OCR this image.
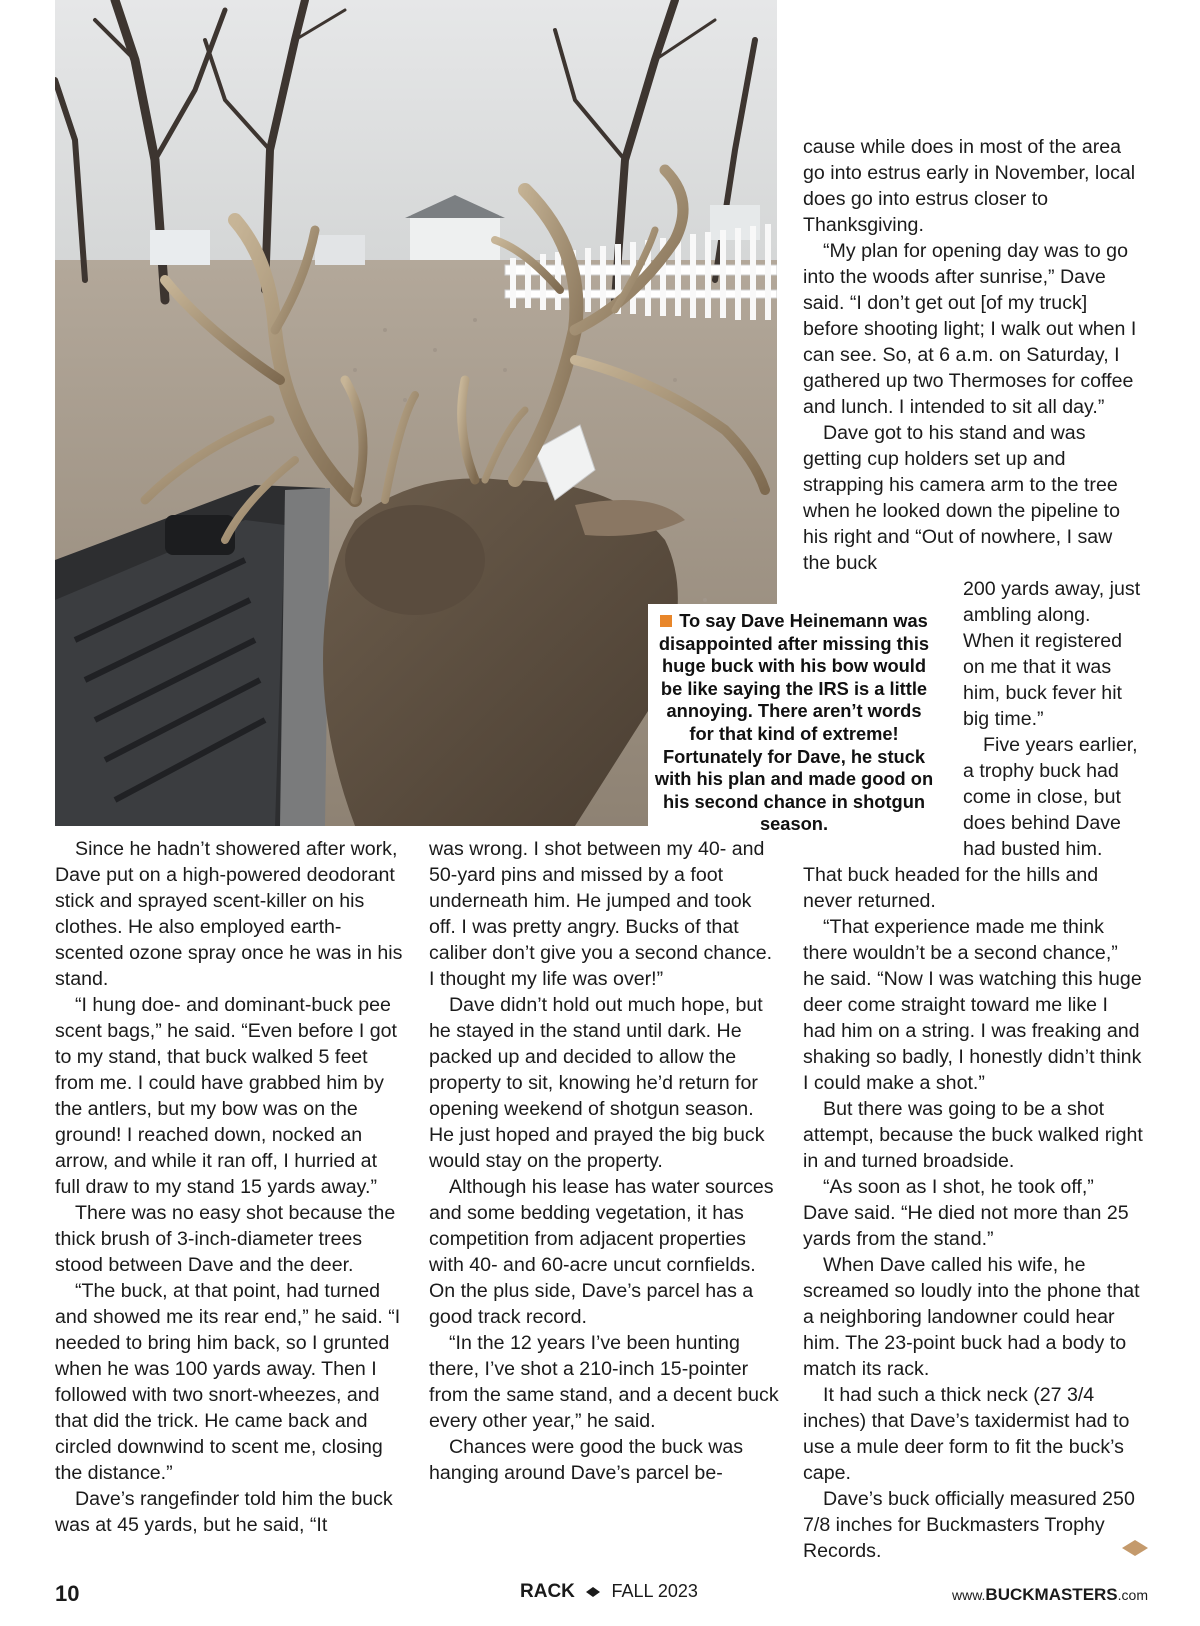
To say Dave Heinemann was disappointed after missing this huge buck with his bow would be like saying the IRS is a little annoying. There aren’t words for that kind of extreme! Fortunately for Dave, he stuck with his plan and made good on his second chance in shotgun season.

cause while does in most of the area go into estrus early in November, local does go into estrus closer to Thanksgiving.

“My plan for opening day was to go into the woods after sunrise,” Dave said. “I don’t get out [of my truck] before shooting light; I walk out when I can see. So, at 6 a.m. on Saturday, I gathered up two Thermoses for coffee and lunch. I intended to sit all day.”

Dave got to his stand and was getting cup holders set up and strapping his camera arm to the tree when he looked down the pipeline to his right and “Out of nowhere, I saw the buck

200 yards away, just ambling along. When it registered on me that it was him, buck fever hit big time.”

Five years earlier, a trophy buck had come in close, but does behind Dave had busted him.

That buck headed for the hills and never returned.

“That experience made me think there wouldn’t be a second chance,” he said. “Now I was watching this huge deer come straight toward me like I had him on a string. I was freaking and shaking so badly, I honestly didn’t think I could make a shot.”

But there was going to be a shot attempt, because the buck walked right in and turned broadside.

“As soon as I shot, he took off,” Dave said. “He died not more than 25 yards from the stand.”

When Dave called his wife, he screamed so loudly into the phone that a neighboring landowner could hear him. The 23-point buck had a body to match its rack.

It had such a thick neck (27 3/4 inches) that Dave’s taxidermist had to use a mule deer form to fit the buck’s cape.

Dave’s buck officially measured 250 7/8 inches for Buckmasters Trophy Records.

Since he hadn’t showered after work, Dave put on a high-powered deodorant stick and sprayed scent-killer on his clothes. He also employed earth-scented ozone spray once he was in his stand.

“I hung doe- and dominant-buck pee scent bags,” he said. “Even before I got to my stand, that buck walked 5 feet from me. I could have grabbed him by the antlers, but my bow was on the ground! I reached down, nocked an arrow, and while it ran off, I hurried at full draw to my stand 15 yards away.”

There was no easy shot because the thick brush of 3-inch-diameter trees stood between Dave and the deer.

“The buck, at that point, had turned and showed me its rear end,” he said. “I needed to bring him back, so I grunted when he was 100 yards away. Then I followed with two snort-wheezes, and that did the trick. He came back and circled downwind to scent me, closing the distance.”

Dave’s rangefinder told him the buck was at 45 yards, but he said, “It

was wrong. I shot between my 40- and 50-yard pins and missed by a foot underneath him. He jumped and took off. I was pretty angry. Bucks of that caliber don’t give you a second chance. I thought my life was over!”

Dave didn’t hold out much hope, but he stayed in the stand until dark. He packed up and decided to allow the property to sit, knowing he’d return for opening weekend of shotgun season. He just hoped and prayed the big buck would stay on the property.

Although his lease has water sources and some bedding vegetation, it has competition from adjacent properties with 40- and 60-acre uncut cornfields. On the plus side, Dave’s parcel has a good track record.

“In the 12 years I’ve been hunting there, I’ve shot a 210-inch 15-pointer from the same stand, and a decent buck every other year,” he said.

Chances were good the buck was hanging around Dave’s parcel be-

10	RACK FALL 2023	www.BUCKMASTERS.com
